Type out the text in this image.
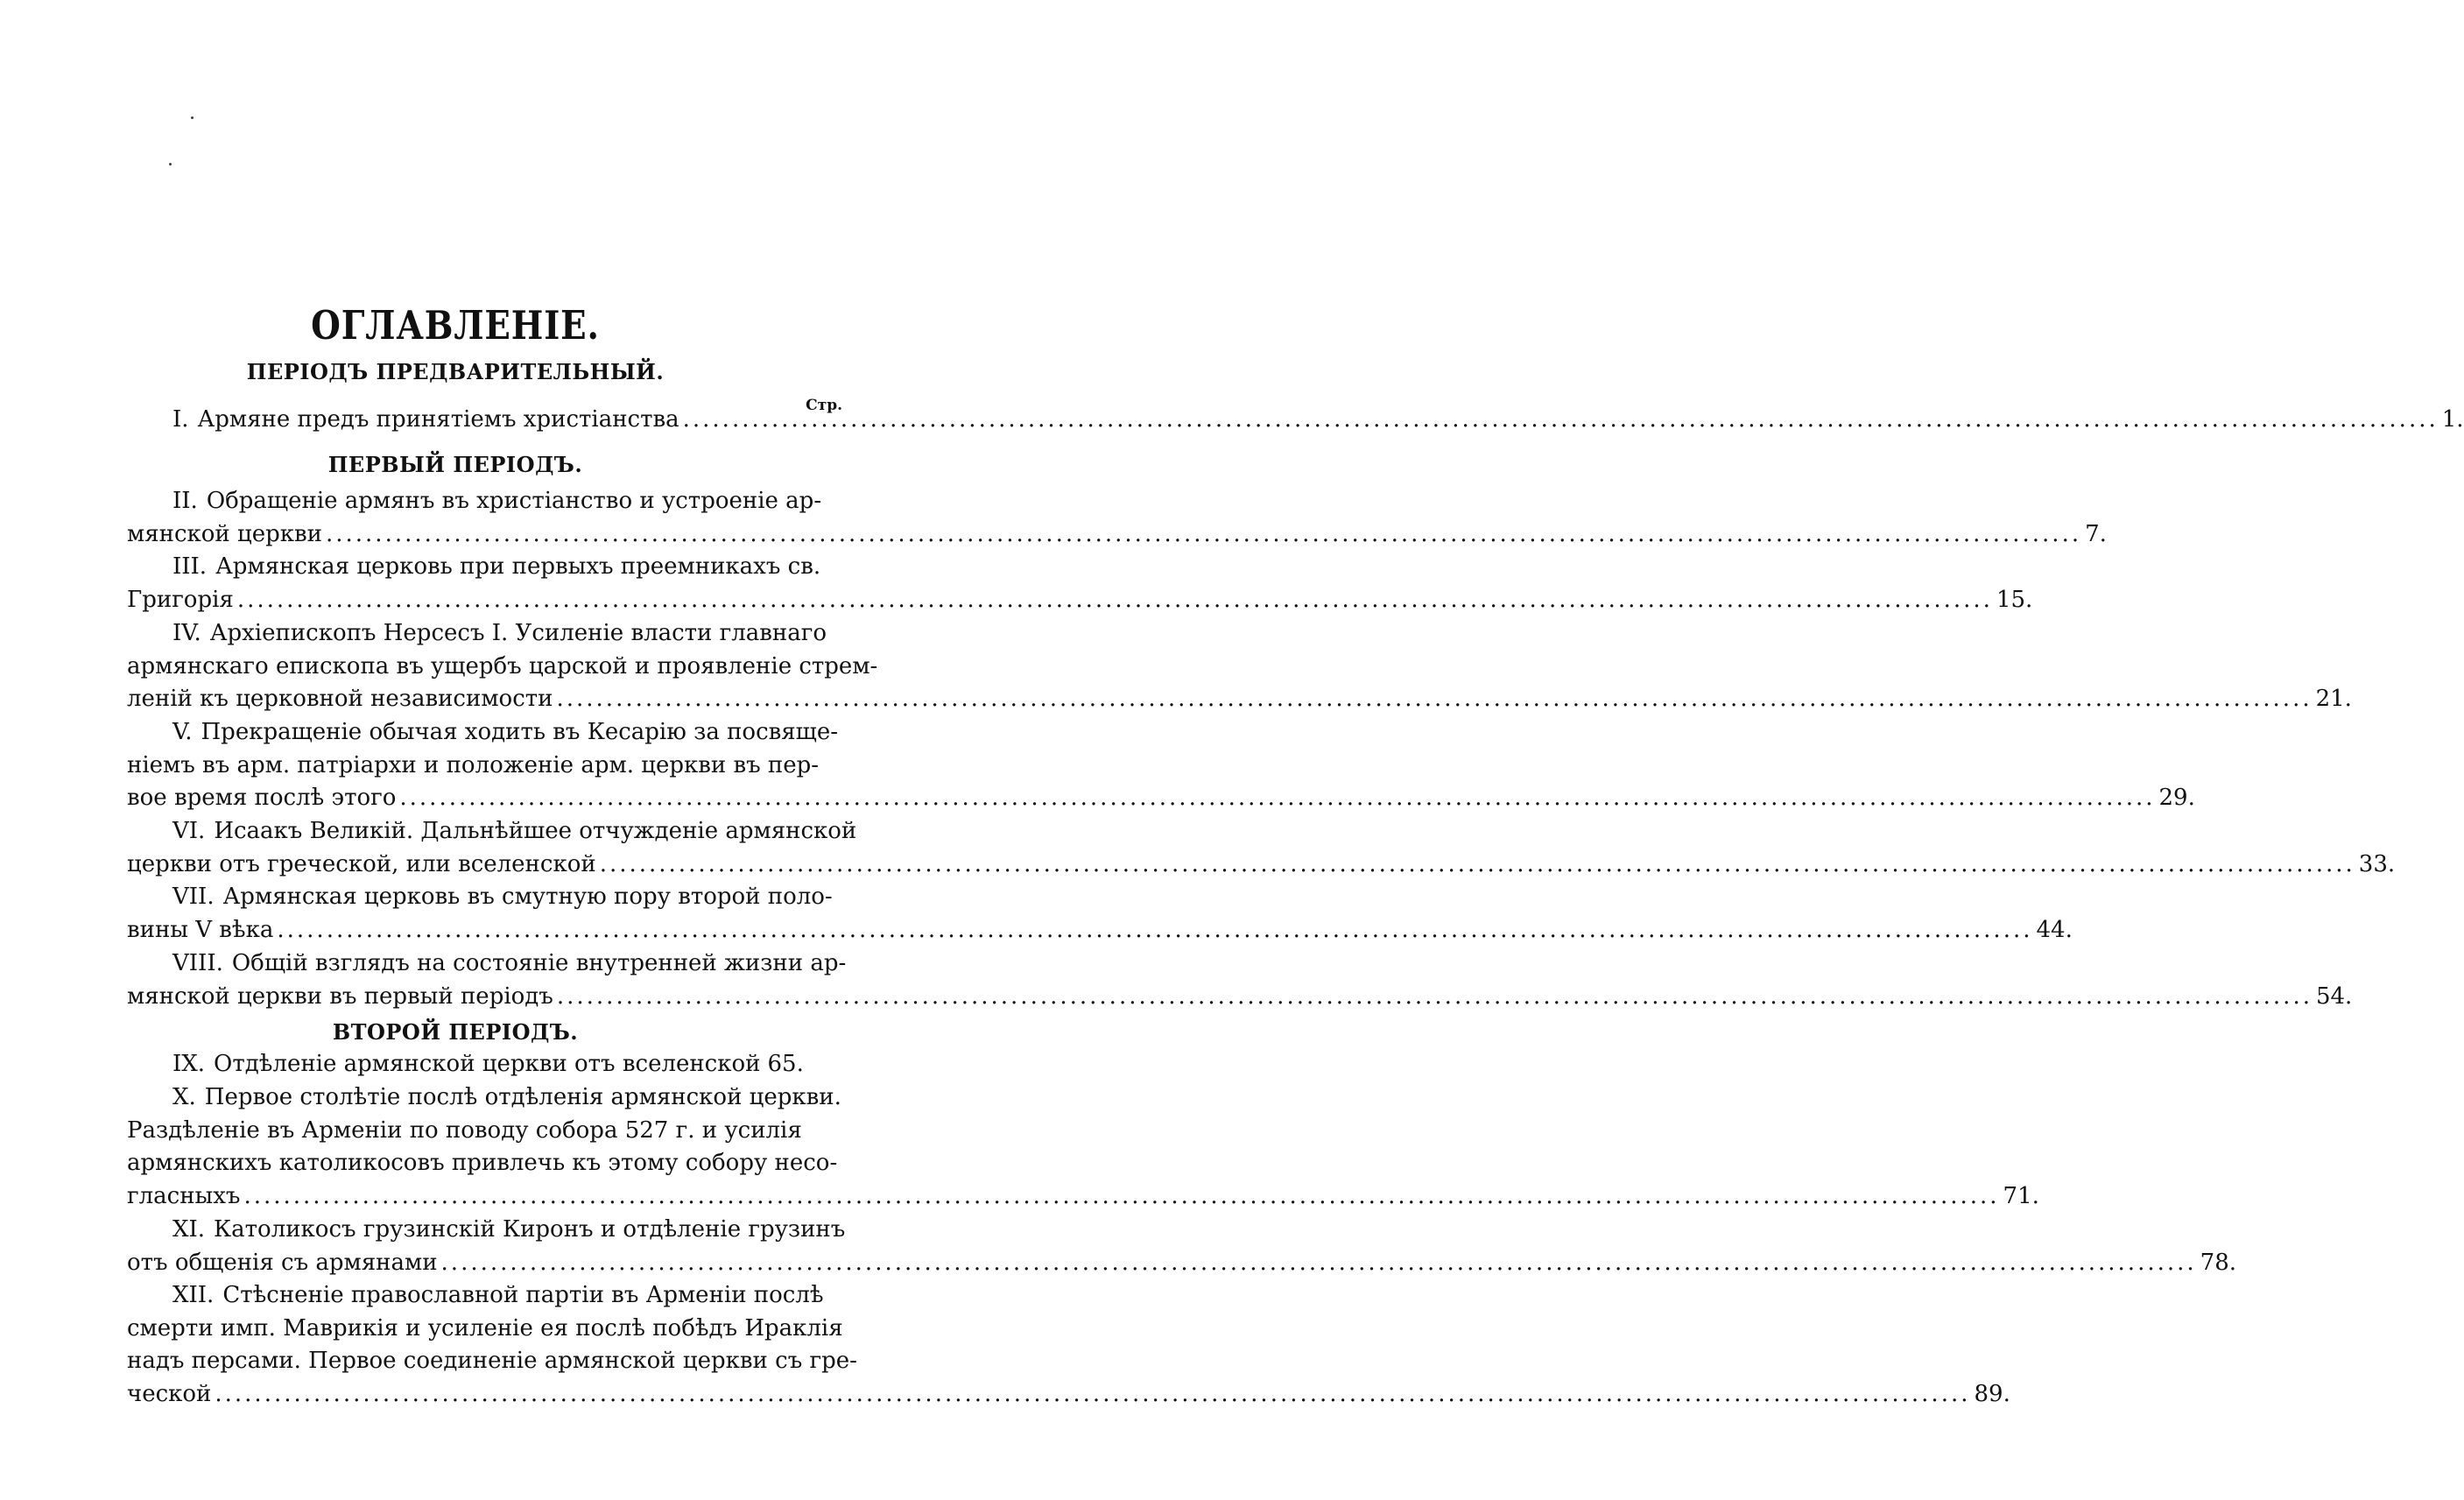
ОГЛАВЛЕНІЕ.
ПЕРІОДЪ ПРЕДВАРИТЕЛЬНЫЙ.
Стр.
I. Армяне предъ принятіемъ христіанства .....	1.
ПЕРВЫЙ ПЕРІОДЪ.
II. Обращеніе армянъ въ христіанство и устроеніе ар-
мянской церкви .....	7.
III. Армянская церковь при первыхъ преемникахъ св.
Григорія .....	15.
IV. Архіепископъ Нерсесъ I. Усиленіе власти главнаго
армянскаго епископа въ ущербъ царской и проявленіе стрем-
леній къ церковной независимости .....	21.
V. Прекращеніе обычая ходить въ Кесарію за посвяще-
ніемъ въ арм. патріархи и положеніе арм. церкви въ пер-
вое время послѣ этого .....	29.
VI. Исаакъ Великій. Дальнѣйшее отчужденіе армянской
церкви отъ греческой, или вселенской .....	33.
VII. Армянская церковь въ смутную пору второй поло-
вины V вѣка .....	44.
VIII. Общій взглядъ на состояніе внутренней жизни ар-
мянской церкви въ первый періодъ .....	54.
ВТОРОЙ ПЕРІОДЪ.
IX. Отдѣленіе армянской церкви отъ вселенской 65.
X. Первое столѣтіе послѣ отдѣленія армянской церкви.
Раздѣленіе въ Арменіи по поводу собора 527 г. и усилія
армянскихъ католикосовъ привлечь къ этому собору несо-
гласныхъ .....	71.
XI. Католикосъ грузинскій Киронъ и отдѣленіе грузинъ
отъ общенія съ армянами .....	78.
XII. Стѣсненіе православной партіи въ Арменіи послѣ
смерти имп. Маврикія и усиленіе ея послѣ побѣдъ Ираклія
надъ персами. Первое соединеніе армянской церкви съ гре-
ческой .....	89.
